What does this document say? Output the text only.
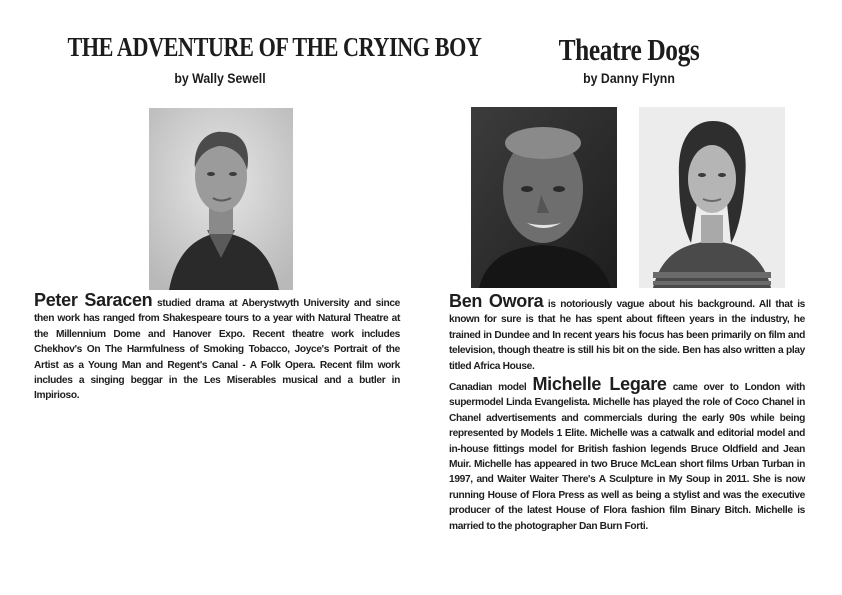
THE ADVENTURE OF THE CRYING BOY

by Wally Sewell

Peter Saracen studied drama at Aberystwyth University and since then work has ranged from Shakespeare tours to a year with Natural Theatre at the Millennium Dome and Hanover Expo. Recent theatre work includes Chekhov's On The Harmfulness of Smoking Tobacco, Joyce's Portrait of the Artist as a Young Man and Regent's Canal - A Folk Opera. Recent film work includes a singing beggar in the Les Miserables musical and a butler in Impirioso.

Theatre Dogs

by Danny Flynn

Ben Owora is notoriously vague about his background. All that is known for sure is that he has spent about fifteen years in the industry, he trained in Dundee and In recent years his focus has been primarily on film and television, though theatre is still his bit on the side. Ben has also written a play titled Africa House.

Canadian model Michelle Legare came over to London with supermodel Linda Evangelista. Michelle has played the role of Coco Chanel in Chanel advertisements and commercials during the early 90s while being represented by Models 1 Elite. Michelle was a catwalk and editorial model and in-house fittings model for British fashion legends Bruce Oldfield and Jean Muir. Michelle has appeared in two Bruce McLean short films Urban Turban in 1997, and Waiter Waiter There's A Sculpture in My Soup in 2011. She is now running House of Flora Press as well as being a stylist and was the executive producer of the latest House of Flora fashion film Binary Bitch. Michelle is married to the photographer Dan Burn Forti.
